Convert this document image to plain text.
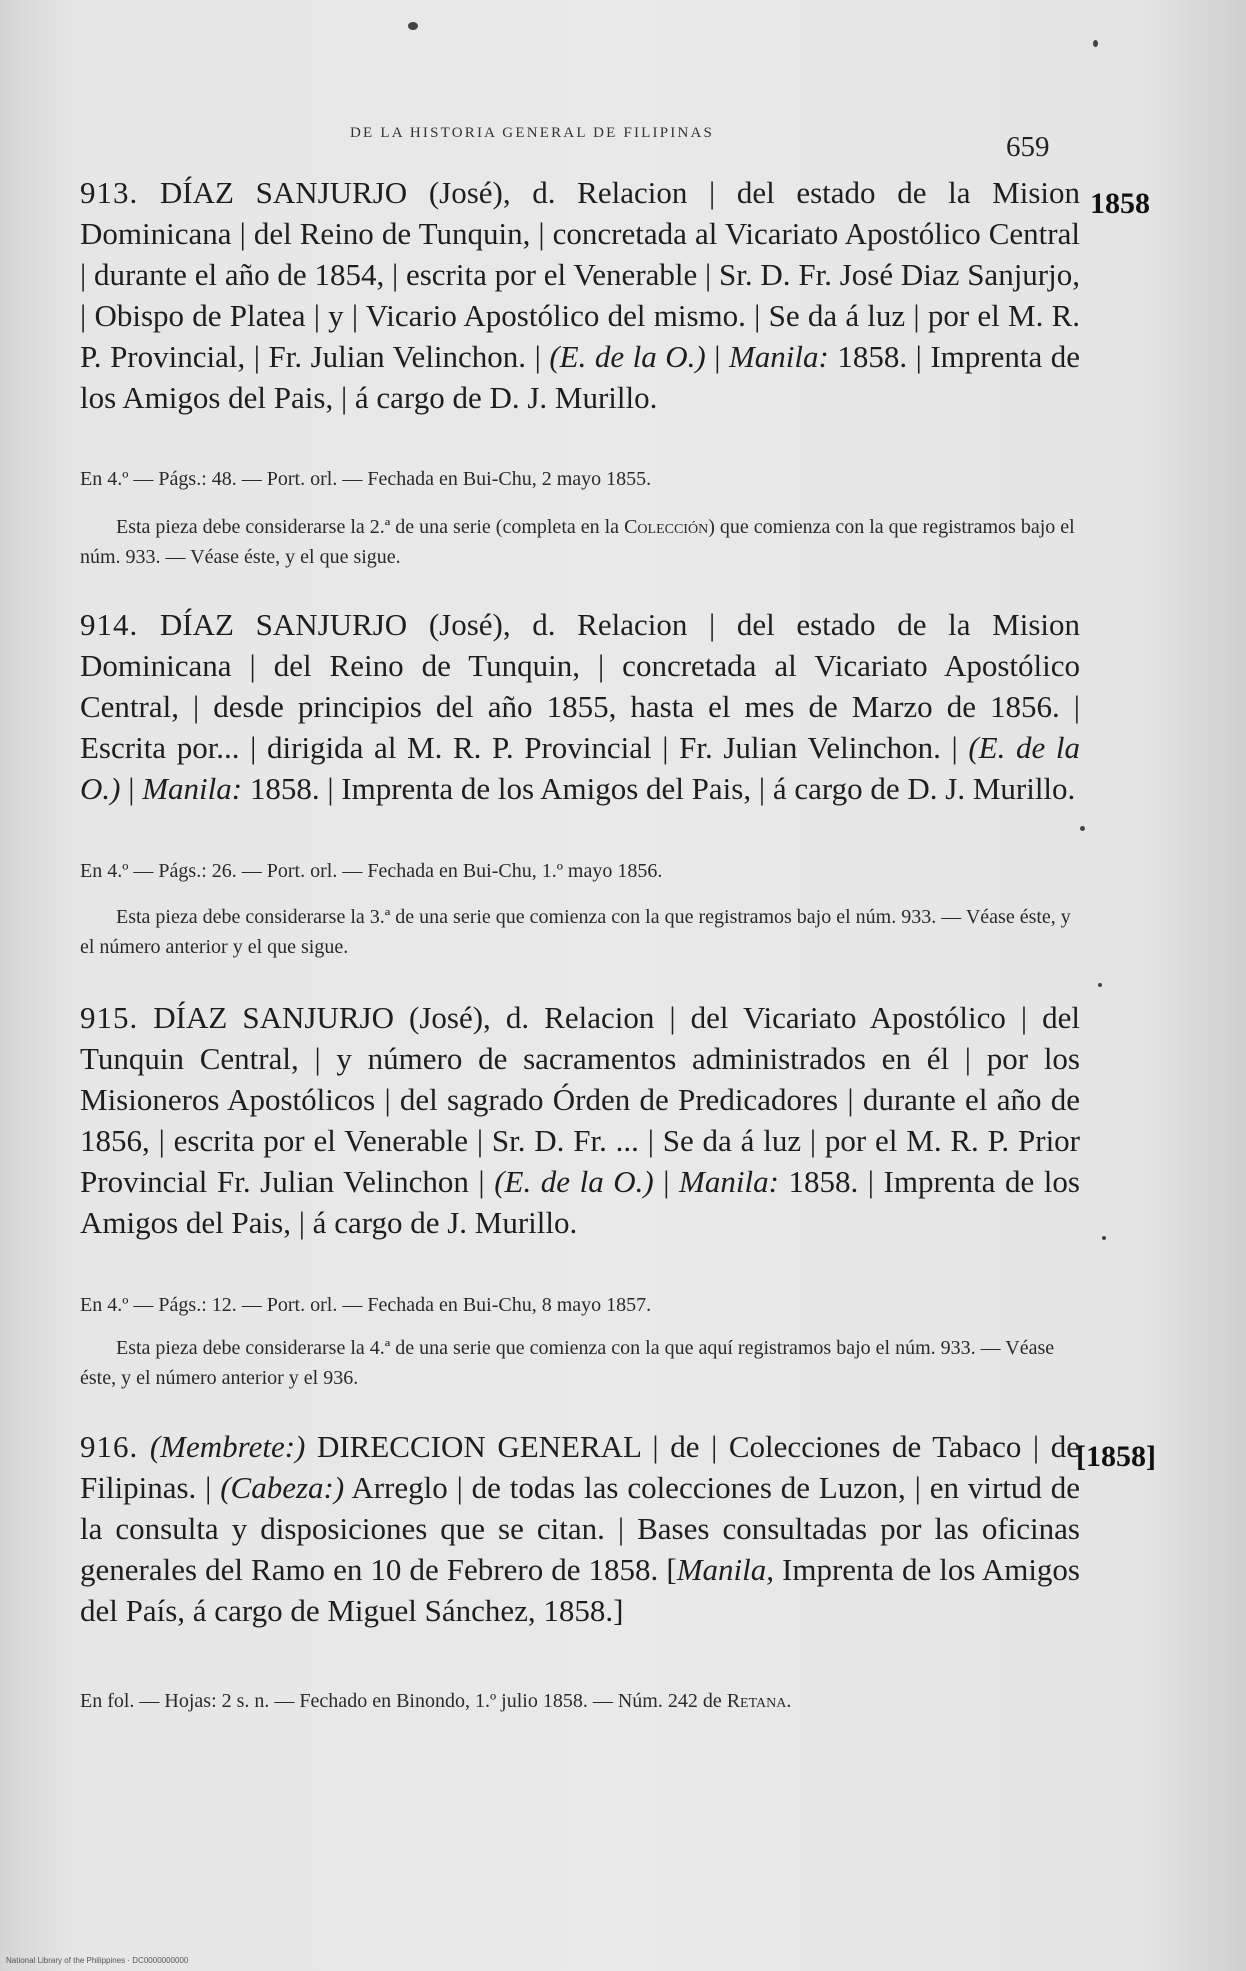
DE LA HISTORIA GENERAL DE FILIPINAS	659
1858
913. DÍAZ SANJURJO (José), d. Relacion | del estado de la Mision Dominicana | del Reino de Tunquin, | concretada al Vicariato Apostólico Central | durante el año de 1854, | escrita por el Venerable | Sr. D. Fr. José Diaz Sanjurjo, | Obispo de Platea | y | Vicario Apostólico del mismo. | Se da á luz | por el M. R. P. Provincial, | Fr. Julian Velinchon. | (E. de la O.) | Manila: 1858. | Imprenta de los Amigos del Pais, | á cargo de D. J. Murillo.
En 4.º — Págs.: 48. — Port. orl. — Fechada en Bui-Chu, 2 mayo 1855.
Esta pieza debe considerarse la 2.ª de una serie (completa en la Colección) que comienza con la que registramos bajo el núm. 933. — Véase éste, y el que sigue.
914. DÍAZ SANJURJO (José), d. Relacion | del estado de la Mision Dominicana | del Reino de Tunquin, | concretada al Vicariato Apostólico Central, | desde principios del año 1855, hasta el mes de Marzo de 1856. | Escrita por... | dirigida al M. R. P. Provincial | Fr. Julian Velinchon. | (E. de la O.) | Manila: 1858. | Imprenta de los Amigos del Pais, | á cargo de D. J. Murillo.
En 4.º — Págs.: 26. — Port. orl. — Fechada en Bui-Chu, 1.º mayo 1856.
Esta pieza debe considerarse la 3.ª de una serie que comienza con la que registramos bajo el núm. 933. — Véase éste, y el número anterior y el que sigue.
915. DÍAZ SANJURJO (José), d. Relacion | del Vicariato Apostólico | del Tunquin Central, | y número de sacramentos administrados en él | por los Misioneros Apostólicos | del sagrado Órden de Predicadores | durante el año de 1856, | escrita por el Venerable | Sr. D. Fr. ... | Se da á luz | por el M. R. P. Prior Provincial Fr. Julian Velinchon | (E. de la O.) | Manila: 1858. | Imprenta de los Amigos del Pais, | á cargo de J. Murillo.
En 4.º — Págs.: 12. — Port. orl. — Fechada en Bui-Chu, 8 mayo 1857.
Esta pieza debe considerarse la 4.ª de una serie que comienza con la que aquí registramos bajo el núm. 933. — Véase éste, y el número anterior y el 936.
[1858]
916. (Membrete:) DIRECCION GENERAL | de | Colecciones de Tabaco | de Filipinas. | (Cabeza:) Arreglo | de todas las colecciones de Luzon, | en virtud de la consulta y disposiciones que se citan. | Bases consultadas por las oficinas generales del Ramo en 10 de Febrero de 1858. [Manila, Imprenta de los Amigos del País, á cargo de Miguel Sánchez, 1858.]
En fol. — Hojas: 2 s. n. — Fechado en Binondo, 1.º julio 1858. — Núm. 242 de Retana.
National Library of the Philippines · DC0000000000
